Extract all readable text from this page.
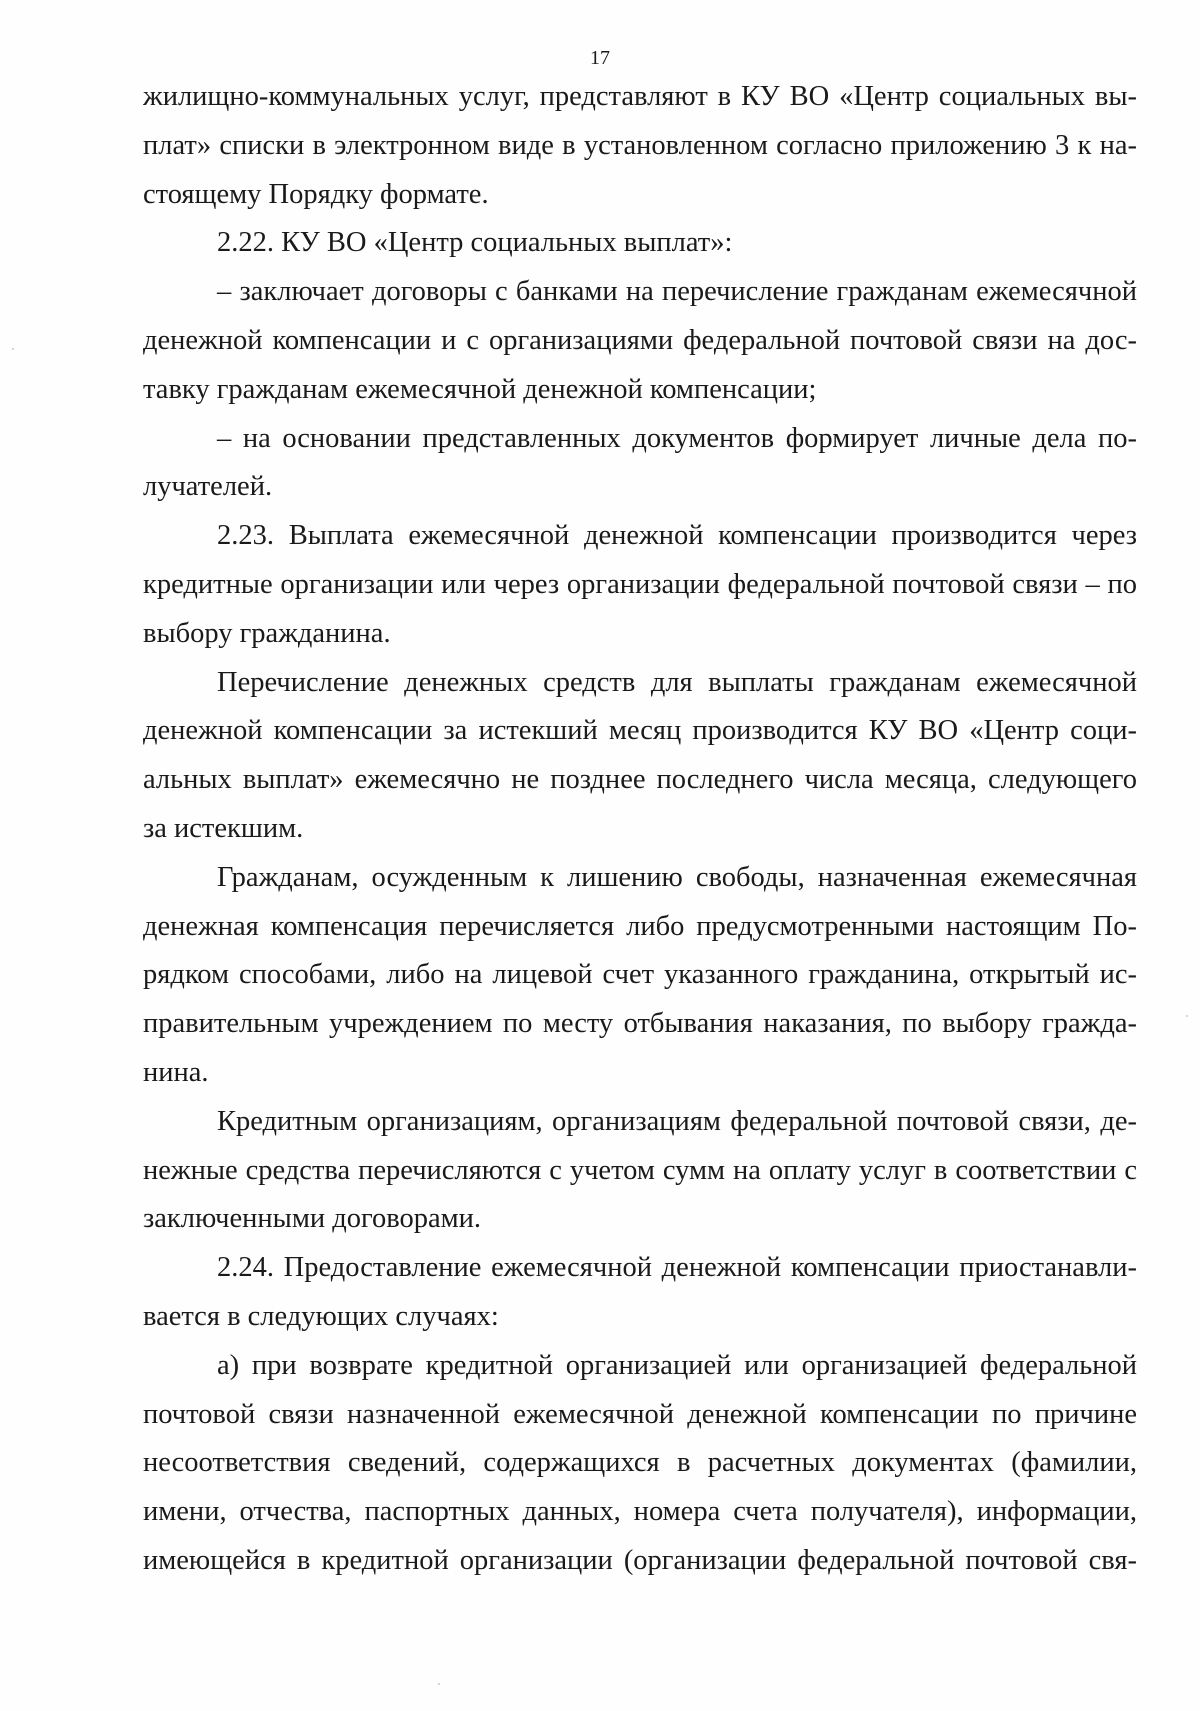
17
жилищно-коммунальных услуг, представляют в КУ ВО «Центр социальных вы-
плат» списки в электронном виде в установленном согласно приложению 3 к на-
стоящему Порядку формате.
2.22. КУ ВО «Центр социальных выплат»:
– заключает договоры с банками на перечисление гражданам ежемесячной
денежной компенсации и с организациями федеральной почтовой связи на дос-
тавку гражданам ежемесячной денежной компенсации;
– на основании представленных документов формирует личные дела по-
лучателей.
2.23. Выплата ежемесячной денежной компенсации производится через
кредитные организации или через организации федеральной почтовой связи – по
выбору гражданина.
Перечисление денежных средств для выплаты гражданам ежемесячной
денежной компенсации за истекший месяц производится КУ ВО «Центр соци-
альных выплат» ежемесячно не позднее последнего числа месяца, следующего
за истекшим.
Гражданам, осужденным к лишению свободы, назначенная ежемесячная
денежная компенсация перечисляется либо предусмотренными настоящим По-
рядком способами, либо на лицевой счет указанного гражданина, открытый ис-
правительным учреждением по месту отбывания наказания, по выбору гражда-
нина.
Кредитным организациям, организациям федеральной почтовой связи, де-
нежные средства перечисляются с учетом сумм на оплату услуг в соответствии с
заключенными договорами.
2.24. Предоставление ежемесячной денежной компенсации приостанавли-
вается в следующих случаях:
а) при возврате кредитной организацией или организацией федеральной
почтовой связи назначенной ежемесячной денежной компенсации по причине
несоответствия сведений, содержащихся в расчетных документах (фамилии,
имени, отчества, паспортных данных, номера счета получателя), информации,
имеющейся в кредитной организации (организации федеральной почтовой свя-
